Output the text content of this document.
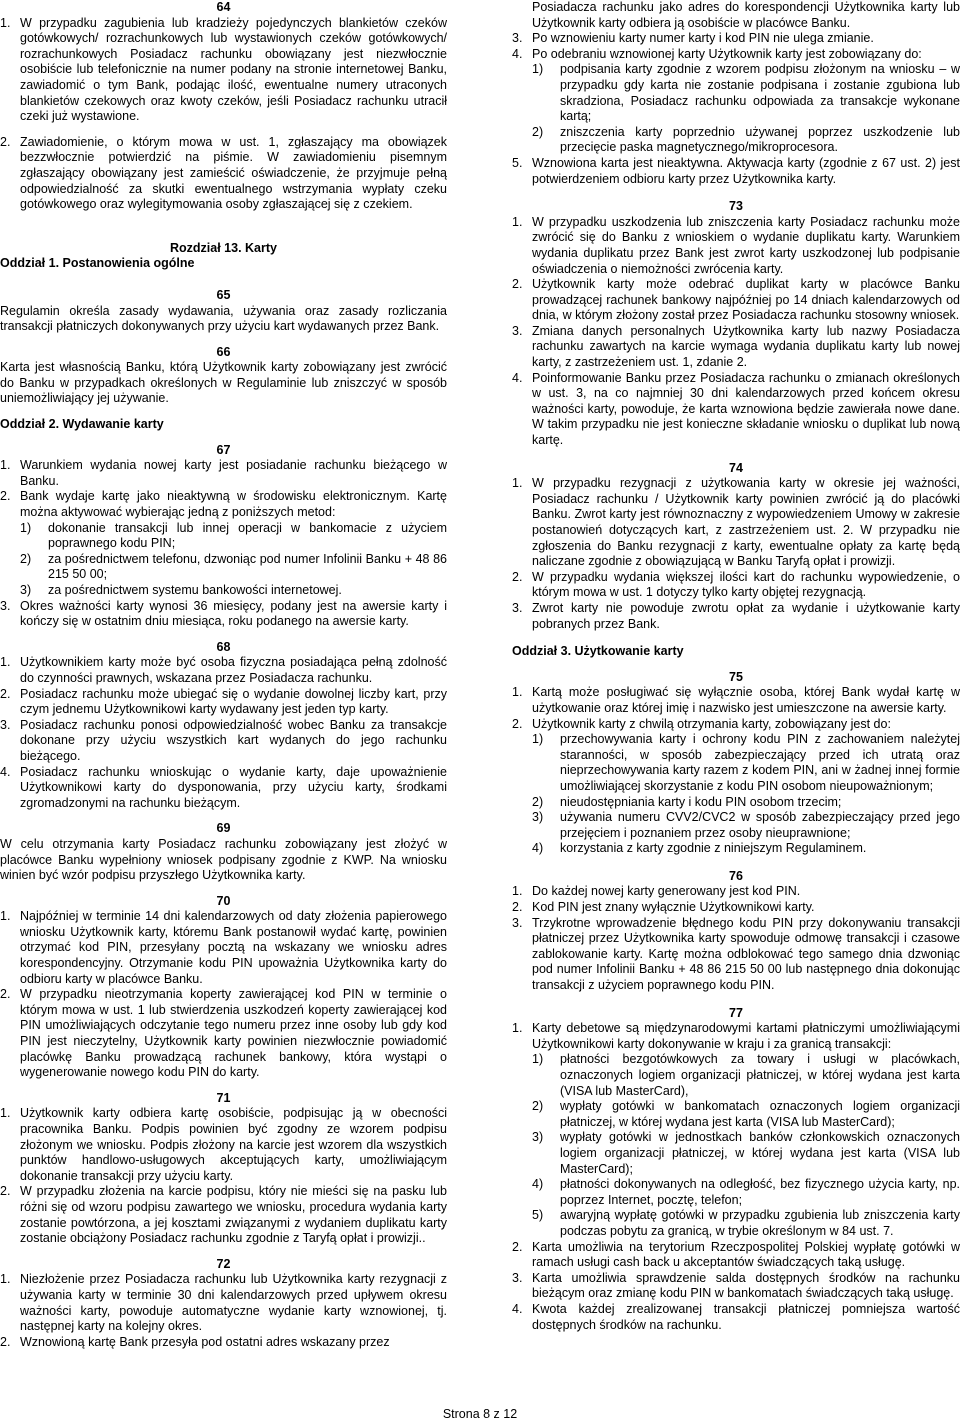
64
1. W przypadku zagubienia lub kradzieży pojedynczych blankietów czeków gotówkowych/ rozrachunkowych lub wystawionych czeków gotówkowych/ rozrachunkowych Posiadacz rachunku obowiązany jest niezwłocznie osobiście lub telefonicznie na numer podany na stronie internetowej Banku, zawiadomić o tym Bank, podając ilość, ewentualne numery utraconych blankietów czekowych oraz kwoty czeków, jeśli Posiadacz rachunku utracił czeki już wystawione.
2. Zawiadomienie, o którym mowa w ust. 1, zgłaszający ma obowiązek bezzwłocznie potwierdzić na piśmie. W zawiadomieniu pisemnym zgłaszający obowiązany jest zamieścić oświadczenie, że przyjmuje pełną odpowiedzialność za skutki ewentualnego wstrzymania wypłaty czeku gotówkowego oraz wylegitymowania osoby zgłaszającej się z czekiem.
Rozdział 13. Karty
Oddział 1. Postanowienia ogólne
65

Regulamin określa zasady wydawania, używania oraz zasady rozliczania transakcji płatniczych dokonywanych przy użyciu kart wydawanych przez Bank.

66

Karta jest własnością Banku, którą Użytkownik karty zobowiązany jest zwrócić do Banku w przypadkach określonych w Regulaminie lub zniszczyć w sposób uniemożliwiający jej używanie.

Oddział 2. Wydawanie karty
67
1. Warunkiem wydania nowej karty jest posiadanie rachunku bieżącego w Banku.
2. Bank wydaje kartę jako nieaktywną w środowisku elektronicznym. Kartę można aktywować wybierając jedną z poniższych metod:
1) dokonanie transakcji lub innej operacji w bankomacie z użyciem poprawnego kodu PIN;
2) za pośrednictwem telefonu, dzwoniąc pod numer Infolinii Banku + 48 86 215 50 00;
3) za pośrednictwem systemu bankowości internetowej.
3. Okres ważności karty wynosi 36 miesięcy, podany jest na awersie karty i kończy się w ostatnim dniu miesiąca, roku podanego na awersie karty.
68
1. Użytkownikiem karty może być osoba fizyczna posiadająca pełną zdolność do czynności prawnych, wskazana przez Posiadacza rachunku.
2. Posiadacz rachunku może ubiegać się o wydanie dowolnej liczby kart, przy czym jednemu Użytkownikowi karty wydawany jest jeden typ karty.
3. Posiadacz rachunku ponosi odpowiedzialność wobec Banku za transakcje dokonane przy użyciu wszystkich kart wydanych do jego rachunku bieżącego.
4. Posiadacz rachunku wnioskując o wydanie karty, daje upoważnienie Użytkownikowi karty do dysponowania, przy użyciu karty, środkami zgromadzonymi na rachunku bieżącym.
69

W celu otrzymania karty Posiadacz rachunku zobowiązany jest złożyć w placówce Banku wypełniony wniosek podpisany zgodnie z KWP. Na wniosku winien być wzór podpisu przyszłego Użytkownika karty.

70
1. Najpóźniej w terminie 14 dni kalendarzowych od daty złożenia papierowego wniosku Użytkownik karty, któremu Bank postanowił wydać kartę, powinien otrzymać kod PIN, przesyłany pocztą na wskazany we wniosku adres korespondencyjny. Otrzymanie kodu PIN upoważnia Użytkownika karty do odbioru karty w placówce Banku.
2. W przypadku nieotrzymania koperty zawierającej kod PIN w terminie o którym mowa w ust. 1 lub stwierdzenia uszkodzeń koperty zawierającej kod PIN umożliwiających odczytanie tego numeru przez inne osoby lub gdy kod PIN jest nieczytelny, Użytkownik karty powinien niezwłocznie powiadomić placówkę Banku prowadzącą rachunek bankowy, która wystąpi o wygenerowanie nowego kodu PIN do karty.
71
1. Użytkownik karty odbiera kartę osobiście, podpisując ją w obecności pracownika Banku. Podpis powinien być zgodny ze wzorem podpisu złożonym we wniosku. Podpis złożony na karcie jest wzorem dla wszystkich punktów handlowo-usługowych akceptujących karty, umożliwiającym dokonanie transakcji przy użyciu karty.
2. W przypadku złożenia na karcie podpisu, który nie mieści się na pasku lub różni się od wzoru podpisu zawartego we wniosku, procedura wydania karty zostanie powtórzona, a jej kosztami związanymi z wydaniem duplikatu karty zostanie obciążony Posiadacz rachunku zgodnie z Taryfą opłat i prowizji..
72
1. Niezłożenie przez Posiadacza rachunku lub Użytkownika karty rezygnacji z używania karty w terminie 30 dni kalendarzowych przed upływem okresu ważności karty, powoduje automatyczne wydanie karty wznowionej, tj. następnej karty na kolejny okres.
2. Wznowioną kartę Bank przesyła pod ostatni adres wskazany przez

Posiadacza rachunku jako adres do korespondencji Użytkownika karty lub Użytkownik karty odbiera ją osobiście w placówce Banku.

3. Po wznowieniu karty numer karty i kod PIN nie ulega zmianie.
4. Po odebraniu wznowionej karty Użytkownik karty jest zobowiązany do:
1) podpisania karty zgodnie z wzorem podpisu złożonym na wniosku – w przypadku gdy karta nie zostanie podpisana i zostanie zgubiona lub skradziona, Posiadacz rachunku odpowiada za transakcje wykonane kartą;
2) zniszczenia karty poprzednio używanej poprzez uszkodzenie lub przecięcie paska magnetycznego/mikroprocesora.
5. Wznowiona karta jest nieaktywna. Aktywacja karty (zgodnie z 67 ust. 2) jest potwierdzeniem odbioru karty przez Użytkownika karty.
73
1. W przypadku uszkodzenia lub zniszczenia karty Posiadacz rachunku może zwrócić się do Banku z wnioskiem o wydanie duplikatu karty. Warunkiem wydania duplikatu przez Bank jest zwrot karty uszkodzonej lub podpisanie oświadczenia o niemożności zwrócenia karty.
2. Użytkownik karty może odebrać duplikat karty w placówce Banku prowadzącej rachunek bankowy najpóźniej po 14 dniach kalendarzowych od dnia, w którym złożony został przez Posiadacza rachunku stosowny wniosek.
3. Zmiana danych personalnych Użytkownika karty lub nazwy Posiadacza rachunku zawartych na karcie wymaga wydania duplikatu karty lub nowej karty, z zastrzeżeniem ust. 1, zdanie 2.
4. Poinformowanie Banku przez Posiadacza rachunku o zmianach określonych w ust. 3, na co najmniej 30 dni kalendarzowych przed końcem okresu ważności karty, powoduje, że karta wznowiona będzie zawierała nowe dane. W takim przypadku nie jest konieczne składanie wniosku o duplikat lub nową kartę.
74
1. W przypadku rezygnacji z użytkowania karty w okresie jej ważności, Posiadacz rachunku / Użytkownik karty powinien zwrócić ją do placówki Banku. Zwrot karty jest równoznaczny z wypowiedzeniem Umowy w zakresie postanowień dotyczących kart, z zastrzeżeniem ust. 2. W przypadku nie zgłoszenia do Banku rezygnacji z karty, ewentualne opłaty za kartę będą naliczane zgodnie z obowiązującą w Banku Taryfą opłat i prowizji.
2. W przypadku wydania większej ilości kart do rachunku wypowiedzenie, o którym mowa w ust. 1 dotyczy tylko karty objętej rezygnacją.
3. Zwrot karty nie powoduje zwrotu opłat za wydanie i użytkowanie karty pobranych przez Bank.
Oddział 3. Użytkowanie karty
75
1. Kartą może posługiwać się wyłącznie osoba, której Bank wydał kartę w użytkowanie oraz której imię i nazwisko jest umieszczone na awersie karty.
2. Użytkownik karty z chwilą otrzymania karty, zobowiązany jest do:
1) przechowywania karty i ochrony kodu PIN z zachowaniem należytej staranności, w sposób zabezpieczający przed ich utratą oraz nieprzechowywania karty razem z kodem PIN, ani w żadnej innej formie umożliwiającej skorzystanie z kodu PIN osobom nieupoważnionym;
2) nieudostępniania karty i kodu PIN osobom trzecim;
3) używania numeru CVV2/CVC2 w sposób zabezpieczający przed jego przejęciem i poznaniem przez osoby nieuprawnione;
4) korzystania z karty zgodnie z niniejszym Regulaminem.
76
1. Do każdej nowej karty generowany jest kod PIN.
2. Kod PIN jest znany wyłącznie Użytkownikowi karty.
3. Trzykrotne wprowadzenie błędnego kodu PIN przy dokonywaniu transakcji płatniczej przez Użytkownika karty spowoduje odmowę transakcji i czasowe zablokowanie karty. Kartę można odblokować tego samego dnia dzwoniąc pod numer Infolinii Banku + 48 86 215 50 00 lub następnego dnia dokonując transakcji z użyciem poprawnego kodu PIN.
77
1. Karty debetowe są międzynarodowymi kartami płatniczymi umożliwiającymi Użytkownikowi karty dokonywanie w kraju i za granicą transakcji:
1) płatności bezgotówkowych za towary i usługi w placówkach, oznaczonych logiem organizacji płatniczej, w której wydana jest karta (VISA lub MasterCard),
2) wypłaty gotówki w bankomatach oznaczonych logiem organizacji płatniczej, w której wydana jest karta (VISA lub MasterCard);
3) wypłaty gotówki w jednostkach banków członkowskich oznaczonych logiem organizacji płatniczej, w której wydana jest karta (VISA lub MasterCard);
4) płatności dokonywanych na odległość, bez fizycznego użycia karty, np. poprzez Internet, pocztę, telefon;
5) awaryjną wypłatę gotówki w przypadku zgubienia lub zniszczenia karty podczas pobytu za granicą, w trybie określonym w 84 ust. 7.
2. Karta umożliwia na terytorium Rzeczpospolitej Polskiej wypłatę gotówki w ramach usługi cash back u akceptantów świadczących taką usługę.
3. Karta umożliwia sprawdzenie salda dostępnych środków na rachunku bieżącym oraz zmianę kodu PIN w bankomatach świadczących taką usługę.
4. Kwota każdej zrealizowanej transakcji płatniczej pomniejsza wartość dostępnych środków na rachunku.
Strona 8 z 12
